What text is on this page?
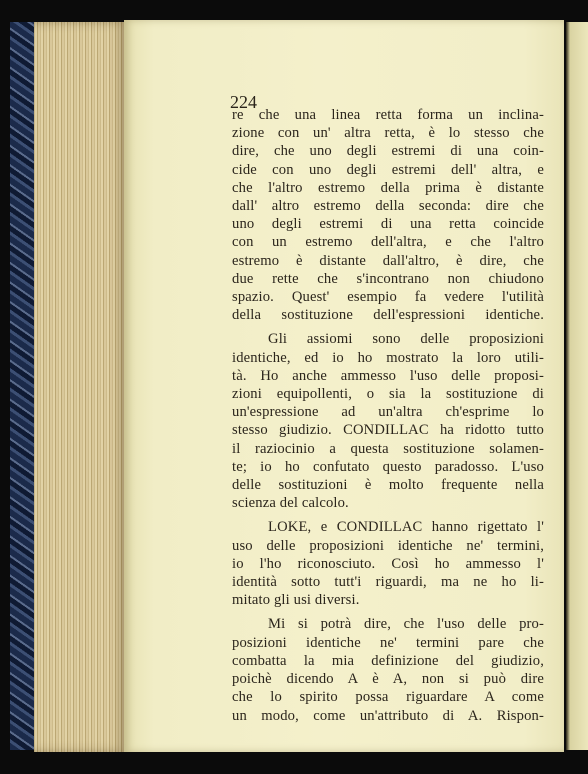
224
re che una linea retta forma un inclina-
zione con un' altra retta, è lo stesso che
dire, che uno degli estremi di una coin-
cide con uno degli estremi dell' altra, e
che l'altro estremo della prima è distante
dall' altro estremo della seconda: dire che
uno degli estremi di una retta coincide
con un estremo dell'altra, e che l'altro
estremo è distante dall'altro, è dire, che
due rette che s'incontrano non chiudono
spazio. Quest' esempio fa vedere l'utilità
della sostituzione dell'espressioni identiche.
Gli assiomi sono delle proposizioni
identiche, ed io ho mostrato la loro utili-
tà. Ho anche ammesso l'uso delle proposi-
zioni equipollenti, o sia la sostituzione di
un'espressione ad un'altra ch'esprime lo
stesso giudizio. CONDILLAC ha ridotto tutto
il raziocinio a questa sostituzione solamen-
te; io ho confutato questo paradosso. L'uso
delle sostituzioni è molto frequente nella
scienza del calcolo.
LOKE, e CONDILLAC hanno rigettato l'
uso delle proposizioni identiche ne' termini,
io l'ho riconosciuto. Così ho ammesso l'
identità sotto tutt'i riguardi, ma ne ho li-
mitato gli usi diversi.
Mi si potrà dire, che l'uso delle pro-
posizioni identiche ne' termini pare che
combatta la mia definizione del giudizio,
poichè dicendo A è A, non si può dire
che lo spirito possa riguardare A come
un modo, come un'attributo di A. Rispon-
